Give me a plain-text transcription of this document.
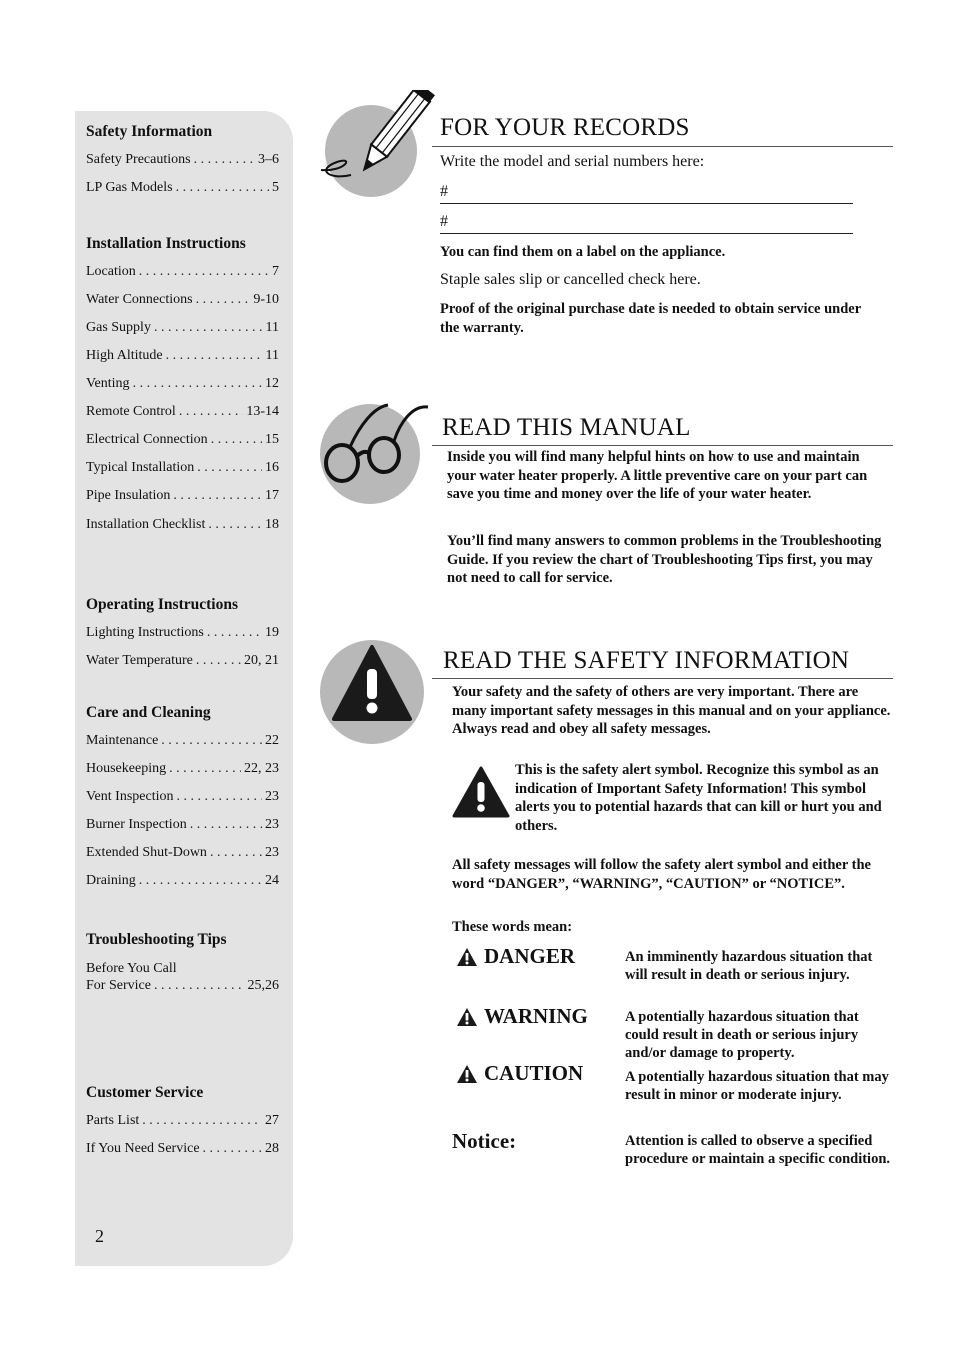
Safety Information
Safety Precautions . . .	3–6
LP Gas Models . . .	5
Installation Instructions
Location . . .	7
Water Connections . . .	9-10
Gas Supply . . .	11
High Altitude . . .	11
Venting . . .	12
Remote Control . . .	13-14
Electrical Connection . . .	15
Typical Installation . . .	16
Pipe Insulation . . .	17
Installation Checklist . . .	18
Operating Instructions
Lighting Instructions . . .	19
Water Temperature . . .	20, 21
Care and Cleaning
Maintenance . . .	22
Housekeeping . . .	22, 23
Vent Inspection . . .	23
Burner Inspection . . .	23
Extended Shut-Down . . .	23
Draining . . .	24
Troubleshooting Tips
Before You Call
For Service . . .	25,26
Customer Service
Parts List . . .	27
If You Need Service . . .	28
2
FOR YOUR RECORDS
Write the model and serial numbers here:
#
#
You can find them on a label on the appliance.
Staple sales slip or cancelled check here.
Proof of the original purchase date is needed to obtain service under the warranty.
READ THIS MANUAL
Inside you will find many helpful hints on how to use and maintain your water heater properly. A little preventive care on your part can save you time and money over the life of your water heater.
You’ll find many answers to common problems in the Troubleshooting Guide. If you review the chart of Troubleshooting Tips first, you may not need to call for service.
READ THE SAFETY INFORMATION
Your safety and the safety of others are very important. There are many important safety messages in this manual and on your appliance. Always read and obey all safety messages.
This is the safety alert symbol. Recognize this symbol as an indication of Important Safety Information! This symbol alerts you to potential hazards that can kill or hurt you and others.
All safety messages will follow the safety alert symbol and either the word “DANGER”, “WARNING”, “CAUTION” or “NOTICE”.
These words mean:
DANGER	An imminently hazardous situation that will result in death or serious injury.
WARNING	A potentially hazardous situation that could result in death or serious injury and/or damage to property.
CAUTION	A potentially hazardous situation that may result in minor or moderate injury.
Notice:	Attention is called to observe a specified procedure or maintain a specific condition.
